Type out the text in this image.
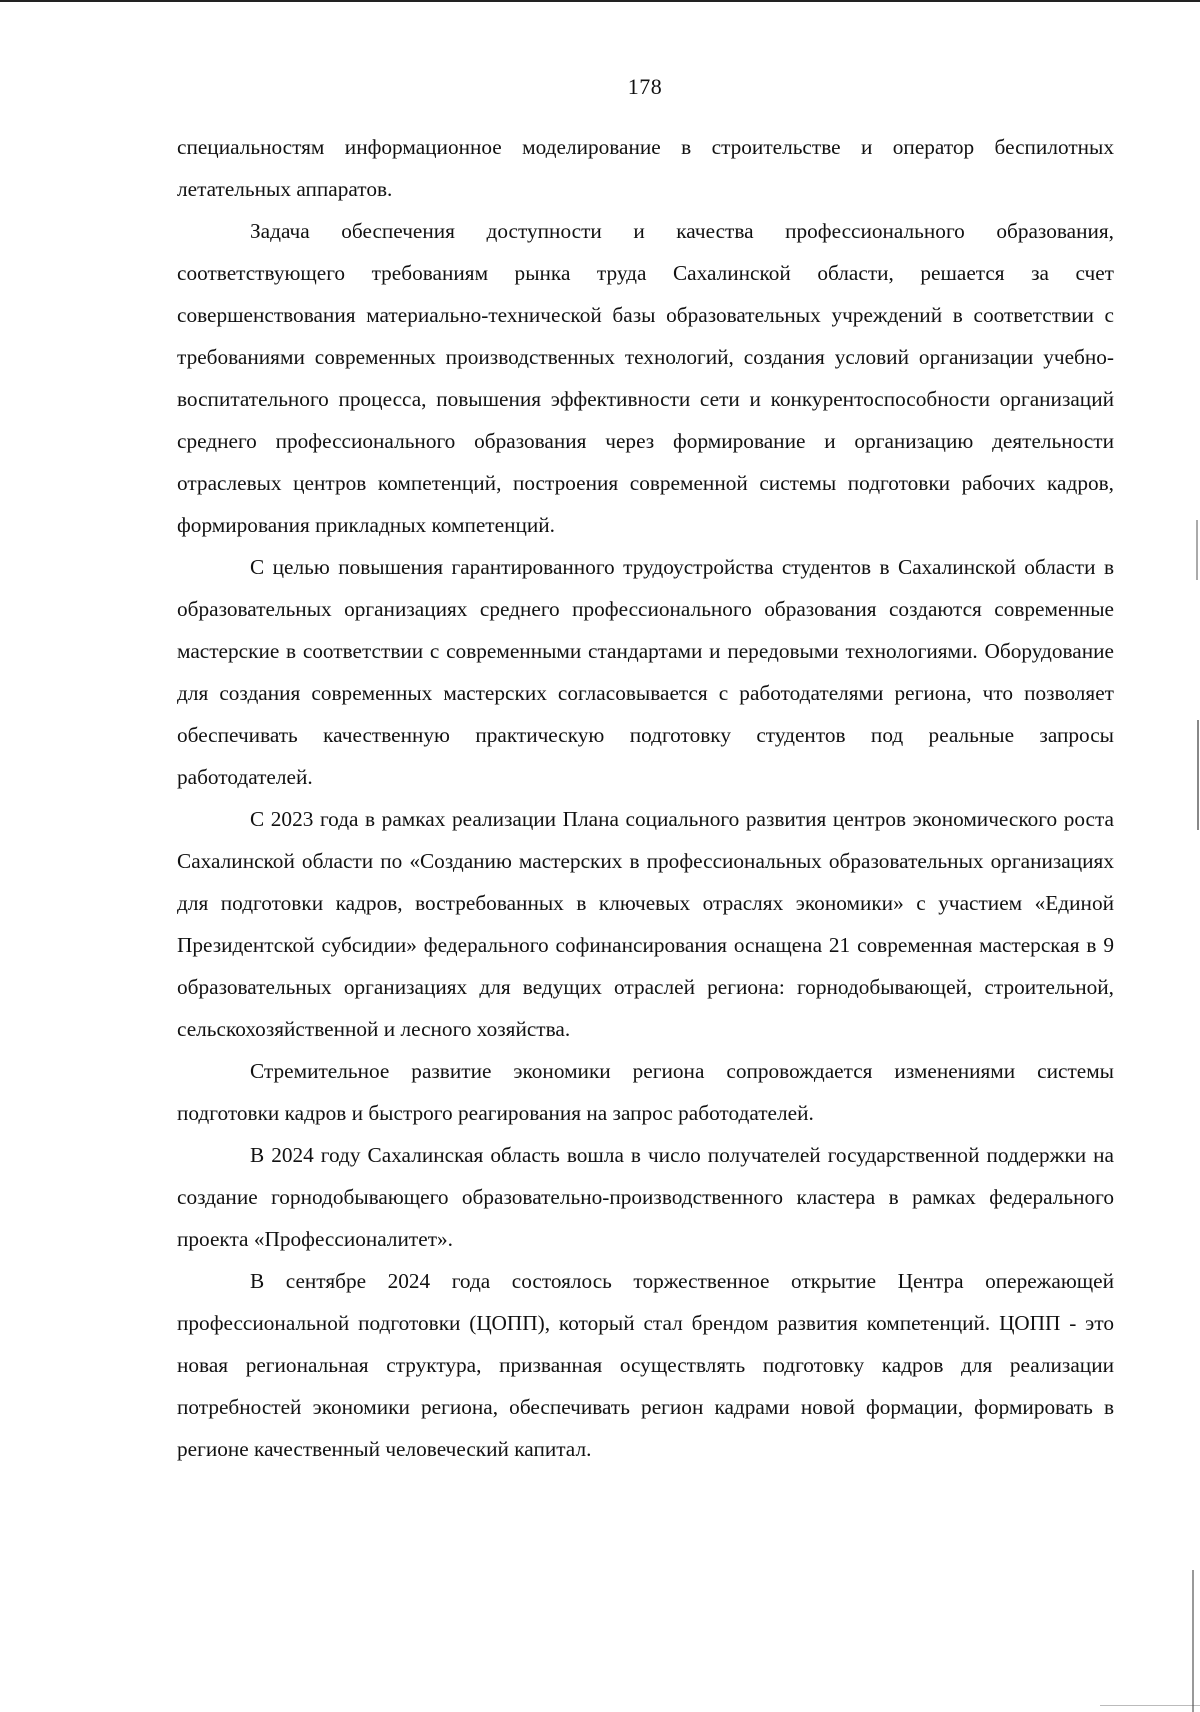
178

специальностям информационное моделирование в строительстве и оператор беспилотных летательных аппаратов.

Задача обеспечения доступности и качества профессионального образования, соответствующего требованиям рынка труда Сахалинской области, решается за счет совершенствования материально-технической базы образовательных учреждений в соответствии с требованиями современных производственных технологий, создания условий организации учебно-воспитательного процесса, повышения эффективности сети и конкурентоспособности организаций среднего профессионального образования через формирование и организацию деятельности отраслевых центров компетенций, построения современной системы подготовки рабочих кадров, формирования прикладных компетенций.

С целью повышения гарантированного трудоустройства студентов в Сахалинской области в образовательных организациях среднего профессионального образования создаются современные мастерские в соответствии с современными стандартами и передовыми технологиями. Оборудование для создания современных мастерских согласовывается с работодателями региона, что позволяет обеспечивать качественную практическую подготовку студентов под реальные запросы работодателей.

С 2023 года в рамках реализации Плана социального развития центров экономического роста Сахалинской области по «Созданию мастерских в профессиональных образовательных организациях для подготовки кадров, востребованных в ключевых отраслях экономики» с участием «Единой Президентской субсидии» федерального софинансирования оснащена 21 современная мастерская в 9 образовательных организациях для ведущих отраслей региона: горнодобывающей, строительной, сельскохозяйственной и лесного хозяйства.

Стремительное развитие экономики региона сопровождается изменениями системы подготовки кадров и быстрого реагирования на запрос работодателей.

В 2024 году Сахалинская область вошла в число получателей государственной поддержки на создание горнодобывающего образовательно-производственного кластера в рамках федерального проекта «Профессионалитет».

В сентябре 2024 года состоялось торжественное открытие Центра опережающей профессиональной подготовки (ЦОПП), который стал брендом развития компетенций. ЦОПП - это новая региональная структура, призванная осуществлять подготовку кадров для реализации потребностей экономики региона, обеспечивать регион кадрами новой формации, формировать в регионе качественный человеческий капитал.
